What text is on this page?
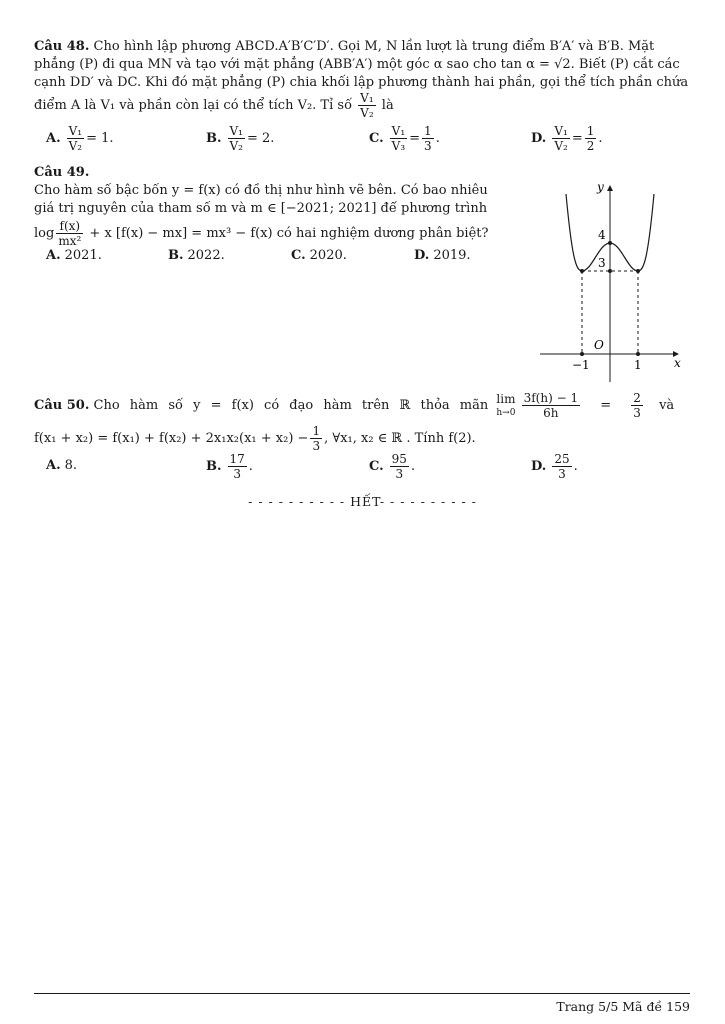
Câu 48. Cho hình lập phương ABCD.A′B′C′D′. Gọi M, N lần lượt là trung điểm B′A′ và B′B. Mặt
phẳng (P) đi qua MN và tạo với mặt phẳng (ABB′A′) một góc α sao cho tan α = √2. Biết (P) cắt các
cạnh DD′ và DC. Khi đó mặt phẳng (P) chia khối lập phương thành hai phần, gọi thể tích phần chứa
điểm A là V₁ và phần còn lại có thể tích V₂. Tỉ số $\frac{\text{V₁}}{\text{V₂}}$ là
A. $\frac{\text{V₁}}{\text{V₂}} = 1$.	B. $\frac{\text{V₁}}{\text{V₂}} = 2$.	C. $\frac{\text{V₁}}{\text{V₃}} = \frac{1}{3}$ .	D. $\frac{\text{V₁}}{\text{V₂}} = \frac{1}{2}$ .
Câu 49.
Cho hàm số bậc bốn y = f(x) có đồ thị như hình vẽ bên. Có bao nhiêu
giá trị nguyên của tham số m và m ∈ [−2021; 2021] để phương trình
$\log \frac{f(x)}{\text{mx²}} + x$ [f(x) − mx] = mx³ − f(x) có hai nghiệm dương phân biệt?
A. 2021.	B. 2022.	C. 2020.	D. 2019.
y
x
O
4
3
−1	1
Câu 50. Cho hàm số y = f(x) có đạo hàm trên ℝ thỏa mãn lim
h→0
$\frac{3f(h) - 1}{6h} = \frac{2}{3}$ và
$f(x_1 + x_2) = f(x_1) + f(x_2) + 2x_1x_2(x_1 + x_2) - \frac{1}{3}$ , ∀x₁, x₂ ∈ ℝ . Tính f(2).
A. 8.	B. $\frac{17}{3}$ .	C. $\frac{95}{3}$ .	D. $\frac{25}{3}$ .
- - - - - - - - - - HẾT- - - - - - - - - -
Trang 5/5 Mã đề 159
